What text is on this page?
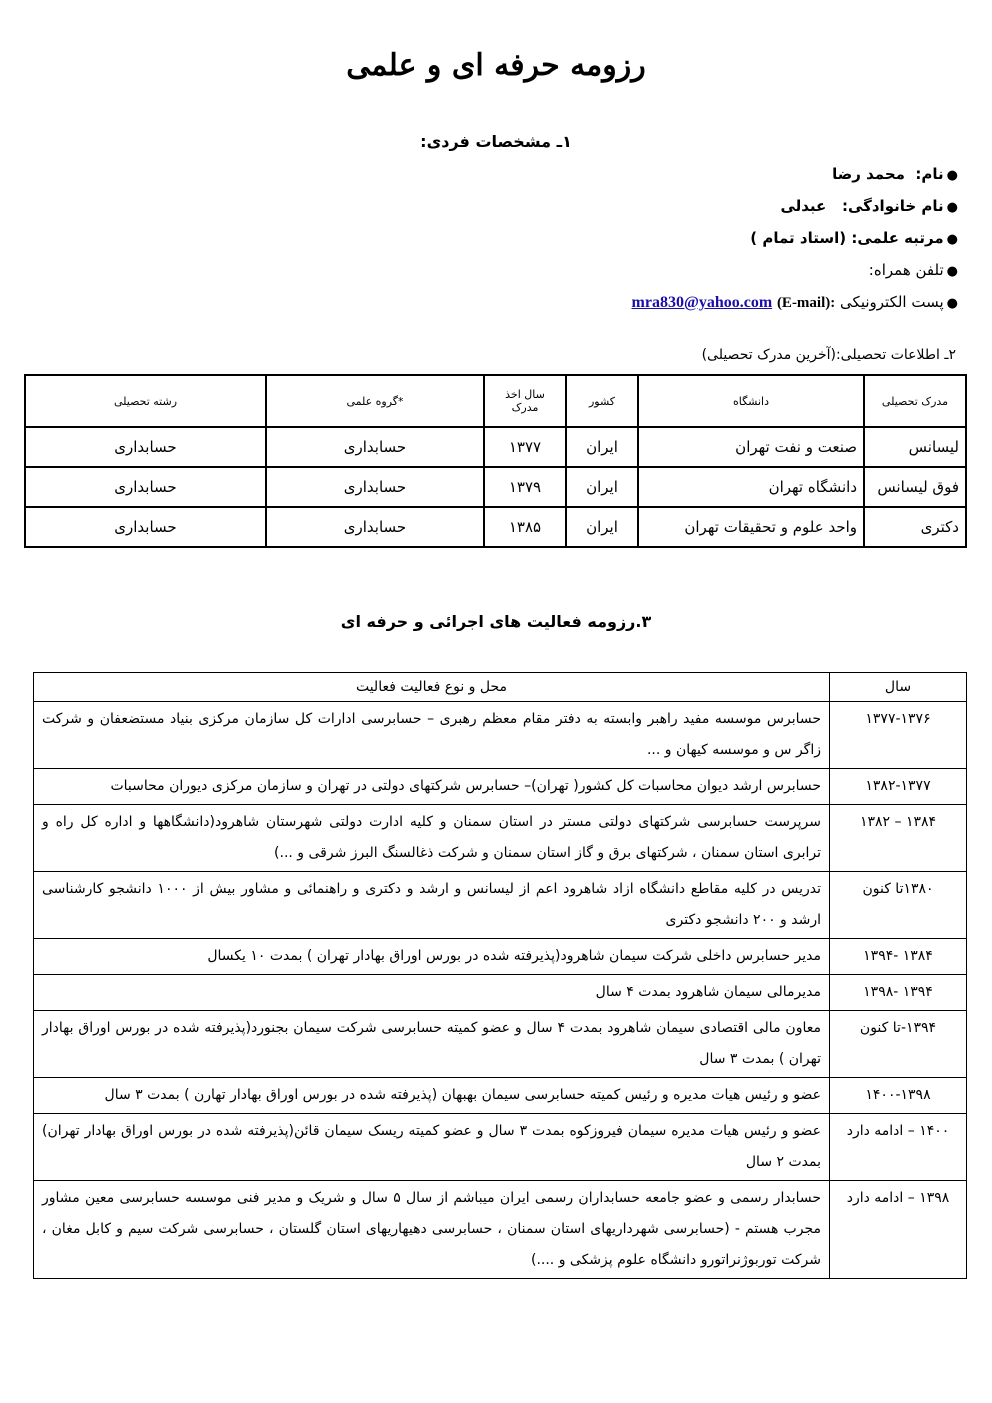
رزومه حرفه ای و علمی
۱ـ مشخصات فردی:
●نام:  محمد رضا
●نام خانوادگی:   عبدلی
●مرتبه علمی: (استاد تمام )
●تلفن همراه:
●پست الکترونیکی (E-mail): mra830@yahoo.com
۲ـ اطلاعات تحصیلی:(آخرین مدرک تحصیلی)
مدرک تحصیلی	دانشگاه	کشور	سال اخذ مدرک	*گروه علمی	رشته تحصیلی
لیسانس	صنعت و نفت تهران	ایران	۱۳۷۷	حسابداری	حسابداری
فوق لیسانس	دانشگاه تهران	ایران	۱۳۷۹	حسابداری	حسابداری
دکتری	واحد علوم و تحقیقات تهران	ایران	۱۳۸۵	حسابداری	حسابداری
۳.رزومه فعالیت های اجرائی و حرفه ای
سال	محل و نوع فعالیت فعالیت
۱۳۷۷-۱۳۷۶	حسابرس موسسه مفید راهبر وابسته به دفتر مقام معظم رهبری – حسابرسی ادارات کل سازمان مرکزی بنیاد مستضعفان و شرکت زاگر س و موسسه کیهان و ...
۱۳۸۲-۱۳۷۷	حسابرس ارشد دیوان محاسبات کل کشور( تهران)– حسابرس شرکتهای دولتی در تهران و سازمان مرکزی دیوران محاسبات
۱۳۸۴ – ۱۳۸۲	سرپرست حسابرسی شرکتهای دولتی مستر در استان سمنان و کلیه ادارت دولتی شهرستان شاهرود(دانشگاهها و اداره کل راه و ترابری استان سمنان ، شرکتهای برق و گاز استان سمنان و شرکت ذغالسنگ البرز شرقی و ...)
۱۳۸۰تا کنون	تدریس در کلیه مقاطع دانشگاه ازاد شاهرود اعم از لیسانس و ارشد و دکتری و راهنمائی و مشاور بیش از ۱۰۰۰ دانشجو کارشناسی ارشد و ۲۰۰ دانشجو دکتری
۱۳۸۴ -۱۳۹۴	مدیر حسابرس داخلی شرکت سیمان شاهرود(پذیرفته شده در بورس اوراق بهادار تهران ) بمدت ۱۰ یکسال
۱۳۹۴ -۱۳۹۸	مدیرمالی سیمان شاهرود بمدت ۴ سال
۱۳۹۴-تا کنون	معاون مالی اقتصادی سیمان شاهرود بمدت ۴ سال و عضو کمیته حسابرسی شرکت سیمان بجنورد(پذیرفته شده در بورس اوراق بهادار تهران ) بمدت ۳ سال
۱۴۰۰-۱۳۹۸	عضو و رئیس هیات مدیره و رئیس کمیته حسابرسی سیمان بهبهان (پذیرفته شده در بورس اوراق بهادار تهارن ) بمدت ۳ سال
۱۴۰۰ – ادامه دارد	عضو و رئیس هیات مدیره سیمان فیروزکوه بمدت ۳ سال و عضو کمیته ریسک سیمان قائن(پذیرفته شده در بورس اوراق بهادار تهران) بمدت ۲ سال
۱۳۹۸ – ادامه دارد	حسابدار رسمی و عضو جامعه حسابداران رسمی ایران میباشم از سال ۵ سال و شریک و مدیر فنی موسسه حسابرسی معین مشاور مجرب هستم - (حسابرسی شهرداریهای استان سمنان ، حسابرسی دهیهاریهای استان گلستان ، حسابرسی شرکت سیم و کابل مغان ، شرکت توربوژنراتورو دانشگاه علوم پزشکی و ....)
